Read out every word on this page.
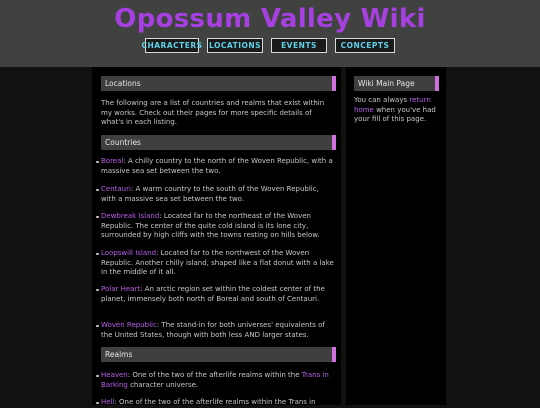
Opossum Valley Wiki
CHARACTERS LOCATIONS	EVENTS	CONCEPTS
Locations
The following are a list of countries and realms that exist within my works. Check out their pages for more specific details of what's in each listing.
Countries
Boreal: A chilly country to the north of the Woven Republic, with a massive sea set between the two.
Centauri: A warm country to the south of the Woven Republic, with a massive sea set between the two.
Dewbreak Island: Located far to the northeast of the Woven Republic. The center of the quite cold island is its lone city, surrounded by high cliffs with the towns resting on hills below.
Loopswill Island: Located far to the northwest of the Woven Republic. Another chilly island, shaped like a flat donut with a lake in the middle of it all.
Polar Heart: An arctic region set within the coldest center of the planet, immensely both north of Boreal and south of Centauri.
Woven Republic: The stand-in for both universes' equivalents of the United States, though with both less AND larger states.
Realms
Heaven: One of the two of the afterlife realms within the Trans in Barking character universe.
Hell: One of the two of the afterlife realms within the Trans in
Wiki Main Page
You can always return home when you've had your fill of this page.
